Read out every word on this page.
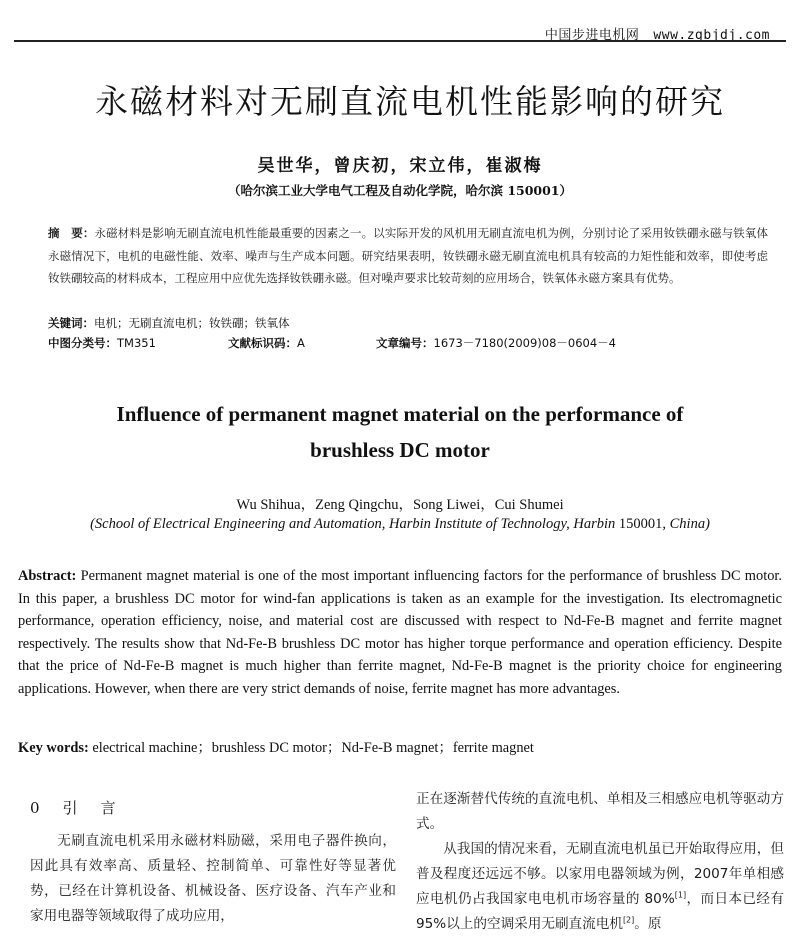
中国步进电机网 www.zgbjdj.com
永磁材料对无刷直流电机性能影响的研究
吴世华，曾庆初，宋立伟，崔淑梅
（哈尔滨工业大学电气工程及自动化学院，哈尔滨 150001）
摘　要：永磁材料是影响无刷直流电机性能最重要的因素之一。以实际开发的风机用无刷直流电机为例，分别讨论了采用钕铁硼永磁与铁氧体永磁情况下，电机的电磁性能、效率、噪声与生产成本问题。研究结果表明，钕铁硼永磁无刷直流电机具有较高的力矩性能和效率，即使考虑钕铁硼较高的材料成本，工程应用中应优先选择钕铁硼永磁。但对噪声要求比较苛刻的应用场合，铁氧体永磁方案具有优势。
关键词：电机；无刷直流电机；钕铁硼；铁氧体
中图分类号：TM351	文献标识码：A	文章编号：1673－7180(2009)08－0604－4
Influence of permanent magnet material on the performance of
brushless DC motor
Wu Shihua，Zeng Qingchu，Song Liwei，Cui Shumei
(School of Electrical Engineering and Automation, Harbin Institute of Technology, Harbin 150001, China)
Abstract: Permanent magnet material is one of the most important influencing factors for the performance of brushless DC motor. In this paper, a brushless DC motor for wind-fan applications is taken as an example for the investigation. Its electromagnetic performance, operation efficiency, noise, and material cost are discussed with respect to Nd-Fe-B magnet and ferrite magnet respectively. The results show that Nd-Fe-B brushless DC motor has higher torque performance and operation efficiency. Despite that the price of Nd-Fe-B magnet is much higher than ferrite magnet, Nd-Fe-B magnet is the priority choice for engineering applications. However, when there are very strict demands of noise, ferrite magnet has more advantages.
Key words: electrical machine；brushless DC motor；Nd-Fe-B magnet；ferrite magnet
0　引　言
无刷直流电机采用永磁材料励磁，采用电子器件换向，因此具有效率高、质量轻、控制简单、可靠性好等显著优势，已经在计算机设备、机械设备、医疗设备、汽车产业和家用电器等领域取得了成功应用，
正在逐渐替代传统的直流电机、单相及三相感应电机等驱动方式。
从我国的情况来看，无刷直流电机虽已开始取得应用，但普及程度还远远不够。以家用电器领域为例，2007年单相感应电机仍占我国家电电机市场容量的 80%[1]，而日本已经有 95%以上的空调采用无刷直流电机[2]。原
